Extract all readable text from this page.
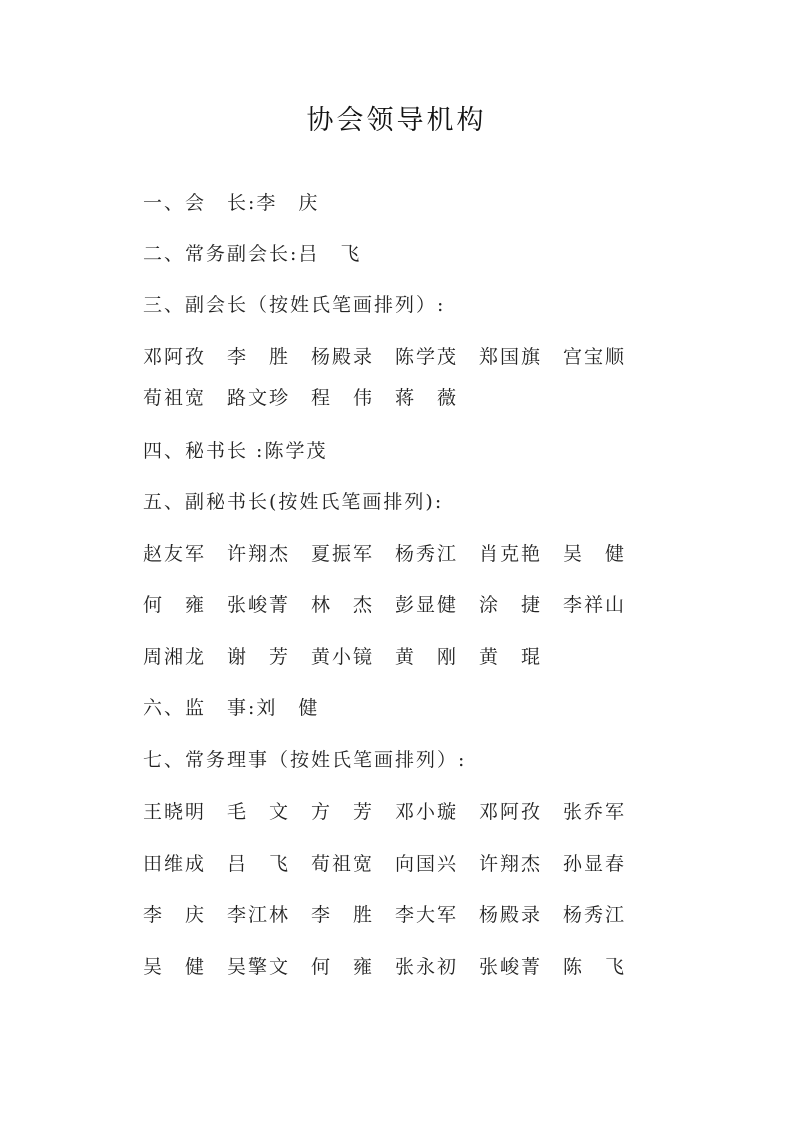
协会领导机构
一、会　长:李　庆
二、常务副会长:吕　飞
三、副会长（按姓氏笔画排列）:
邓阿孜　李　胜　杨殿录　陈学茂　郑国旗　宫宝顺
荀祖宽　路文珍　程　伟　蒋　薇
四、秘书长 :陈学茂
五、副秘书长(按姓氏笔画排列):
赵友军　许翔杰　夏振军　杨秀江　肖克艳　吴　健
何　雍　张峻菁　林　杰　彭显健　涂　捷　李祥山
周湘龙　谢　芳　黄小镜　黄　刚　黄　琨
六、监　事:刘　健
七、常务理事（按姓氏笔画排列）:
王晓明　毛　文　方　芳　邓小璇　邓阿孜　张乔军
田维成　吕　飞　荀祖宽　向国兴　许翔杰　孙显春
李　庆　李江林　李　胜　李大军　杨殿录　杨秀江
吴　健　吴擎文　何　雍　张永初　张峻菁　陈　飞
